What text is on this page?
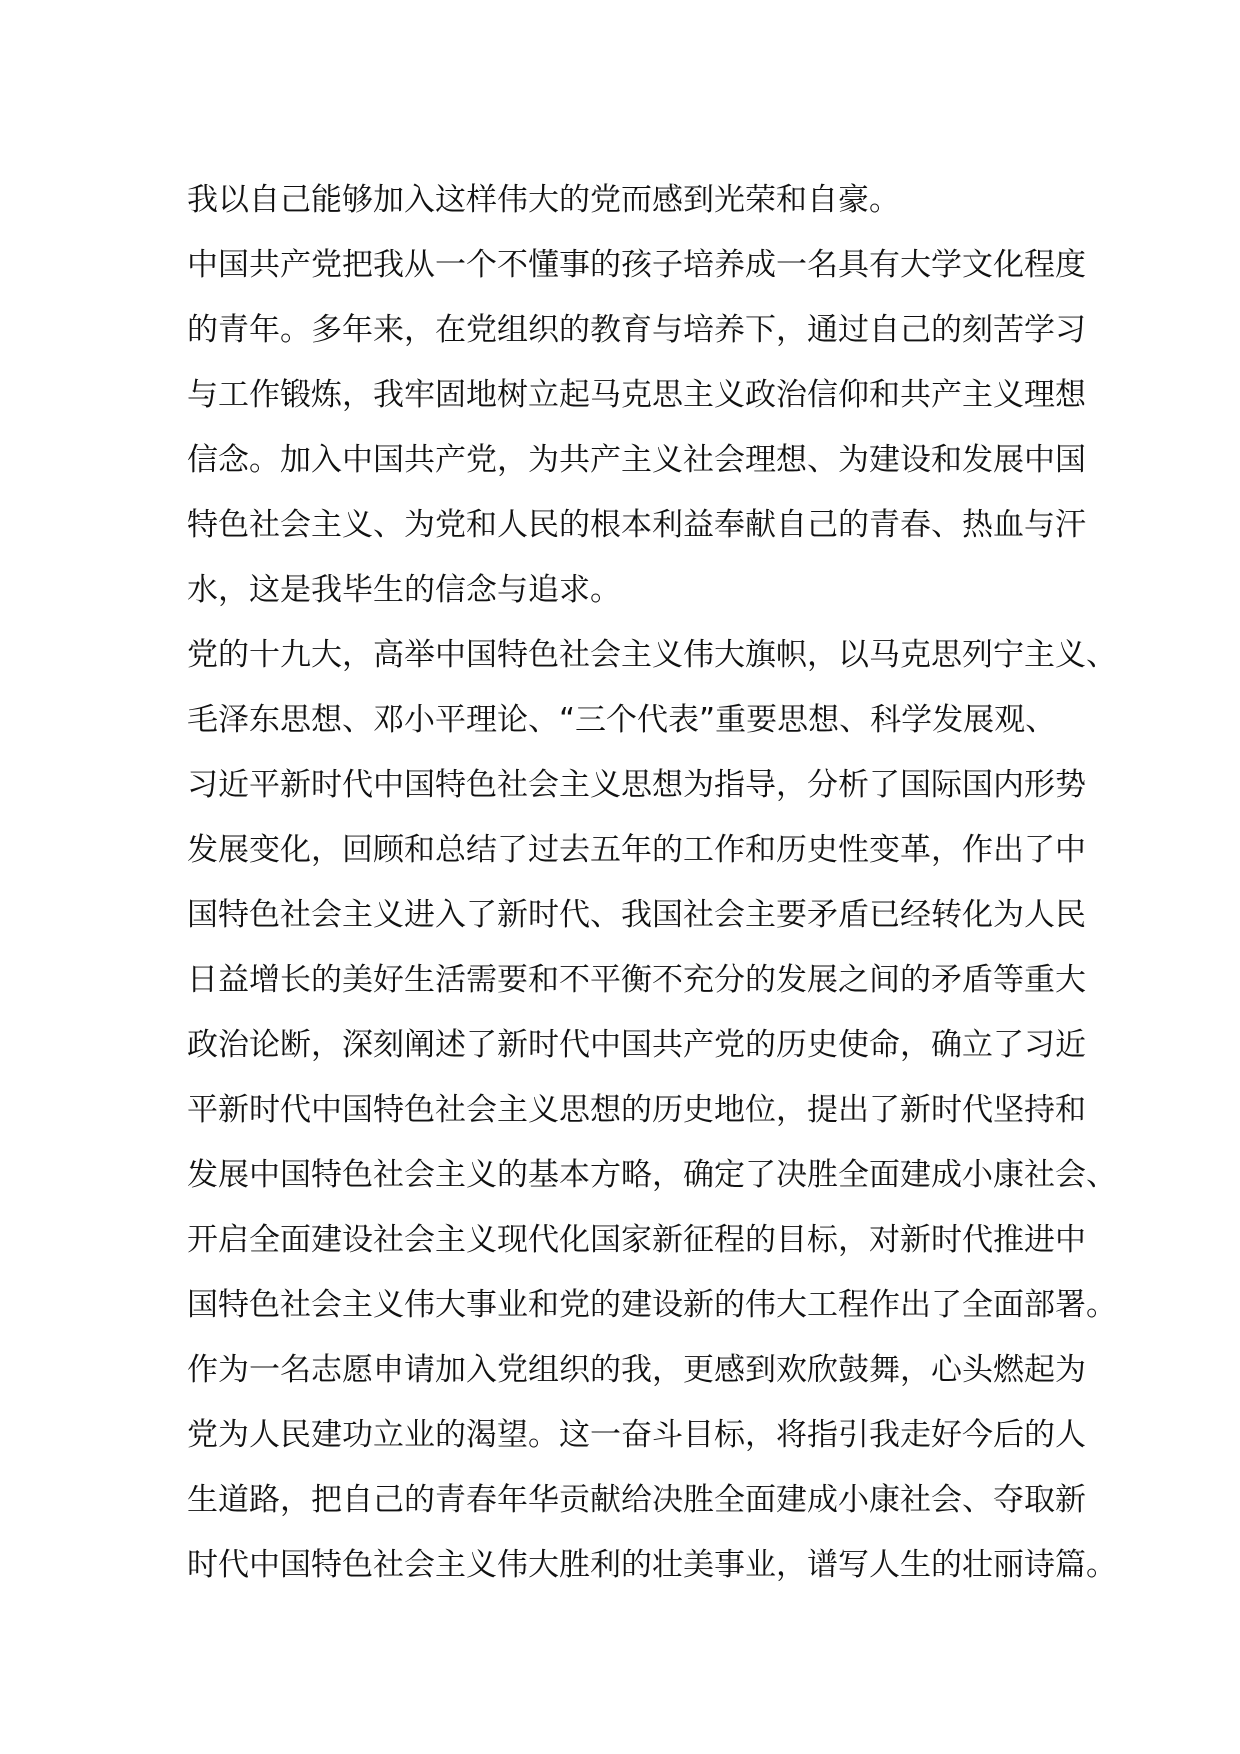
我以自己能够加入这样伟大的党而感到光荣和自豪。
中国共产党把我从一个不懂事的孩子培养成一名具有大学文化程度
的青年。多年来，在党组织的教育与培养下，通过自己的刻苦学习
与工作锻炼，我牢固地树立起马克思主义政治信仰和共产主义理想
信念。加入中国共产党，为共产主义社会理想、为建设和发展中国
特色社会主义、为党和人民的根本利益奉献自己的青春、热血与汗
水，这是我毕生的信念与追求。
党的十九大，高举中国特色社会主义伟大旗帜，以马克思列宁主义、
毛泽东思想、邓小平理论、“三个代表”重要思想、科学发展观、
习近平新时代中国特色社会主义思想为指导，分析了国际国内形势
发展变化，回顾和总结了过去五年的工作和历史性变革，作出了中
国特色社会主义进入了新时代、我国社会主要矛盾已经转化为人民
日益增长的美好生活需要和不平衡不充分的发展之间的矛盾等重大
政治论断，深刻阐述了新时代中国共产党的历史使命，确立了习近
平新时代中国特色社会主义思想的历史地位，提出了新时代坚持和
发展中国特色社会主义的基本方略，确定了决胜全面建成小康社会、
开启全面建设社会主义现代化国家新征程的目标，对新时代推进中
国特色社会主义伟大事业和党的建设新的伟大工程作出了全面部署。
作为一名志愿申请加入党组织的我，更感到欢欣鼓舞，心头燃起为
党为人民建功立业的渴望。这一奋斗目标，将指引我走好今后的人
生道路，把自己的青春年华贡献给决胜全面建成小康社会、夺取新
时代中国特色社会主义伟大胜利的壮美事业，谱写人生的壮丽诗篇。
